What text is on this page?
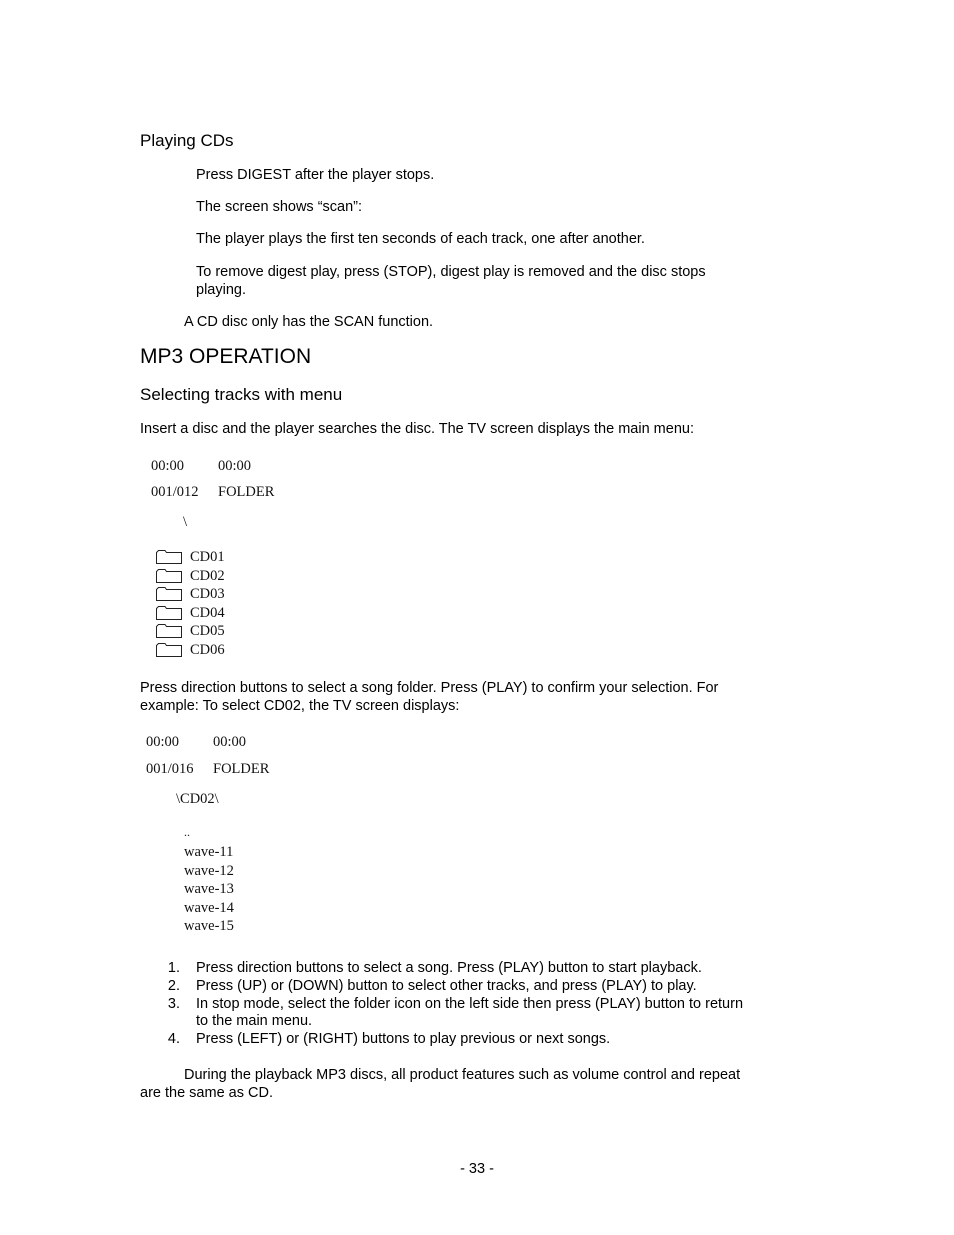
Playing CDs
Press DIGEST after the player stops.
The screen shows “scan”:
The player plays the first ten seconds of each track, one after another.
To remove digest play, press (STOP), digest play is removed and the disc stops
playing.
A CD disc only has the SCAN function.
MP3 OPERATION
Selecting tracks with menu
Insert a disc and the player searches the disc. The TV screen displays the main menu:
00:00 00:00
001/012 FOLDER
\
CD01
CD02
CD03
CD04
CD05
CD06
Press direction buttons to select a song folder. Press (PLAY) to confirm your selection. For
example: To select CD02, the TV screen displays:
00:00 00:00
001/016 FOLDER
\CD02\
..
wave-11
wave-12
wave-13
wave-14
wave-15
1. Press direction buttons to select a song. Press (PLAY) button to start playback.
2. Press (UP) or (DOWN) button to select other tracks, and press (PLAY) to play.
3. In stop mode, select the folder icon on the left side then press (PLAY) button to return
to the main menu.
4. Press (LEFT) or (RIGHT) buttons to play previous or next songs.
During the playback MP3 discs, all product features such as volume control and repeat
are the same as CD.
- 33 -
